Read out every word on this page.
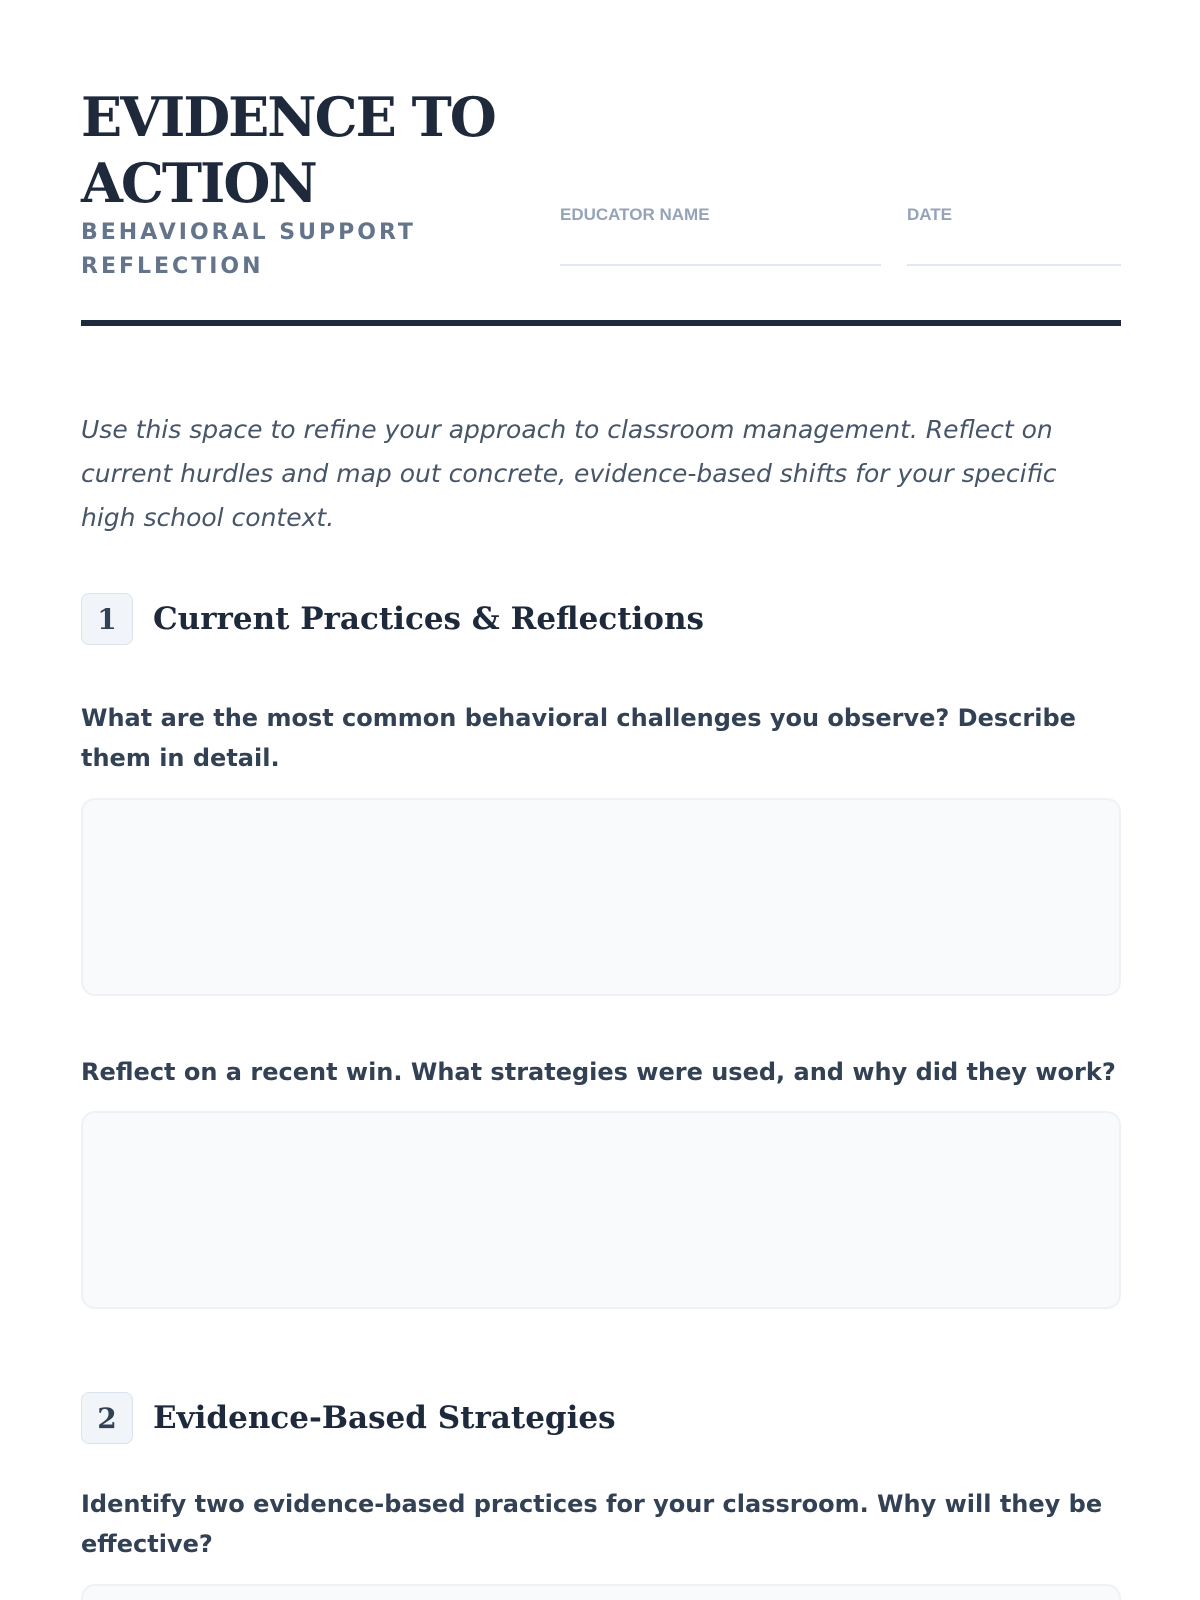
EVIDENCE TO
ACTION

BEHAVIORAL SUPPORT
REFLECTION

EDUCATOR NAME	DATE

Use this space to refine your approach to classroom management. Reflect on current hurdles and map out concrete, evidence-based shifts for your specific high school context.

1	Current Practices & Reflections

What are the most common behavioral challenges you observe? Describe them in detail.

Reflect on a recent win. What strategies were used, and why did they work?

2	Evidence-Based Strategies

Identify two evidence-based practices for your classroom. Why will they be effective?
